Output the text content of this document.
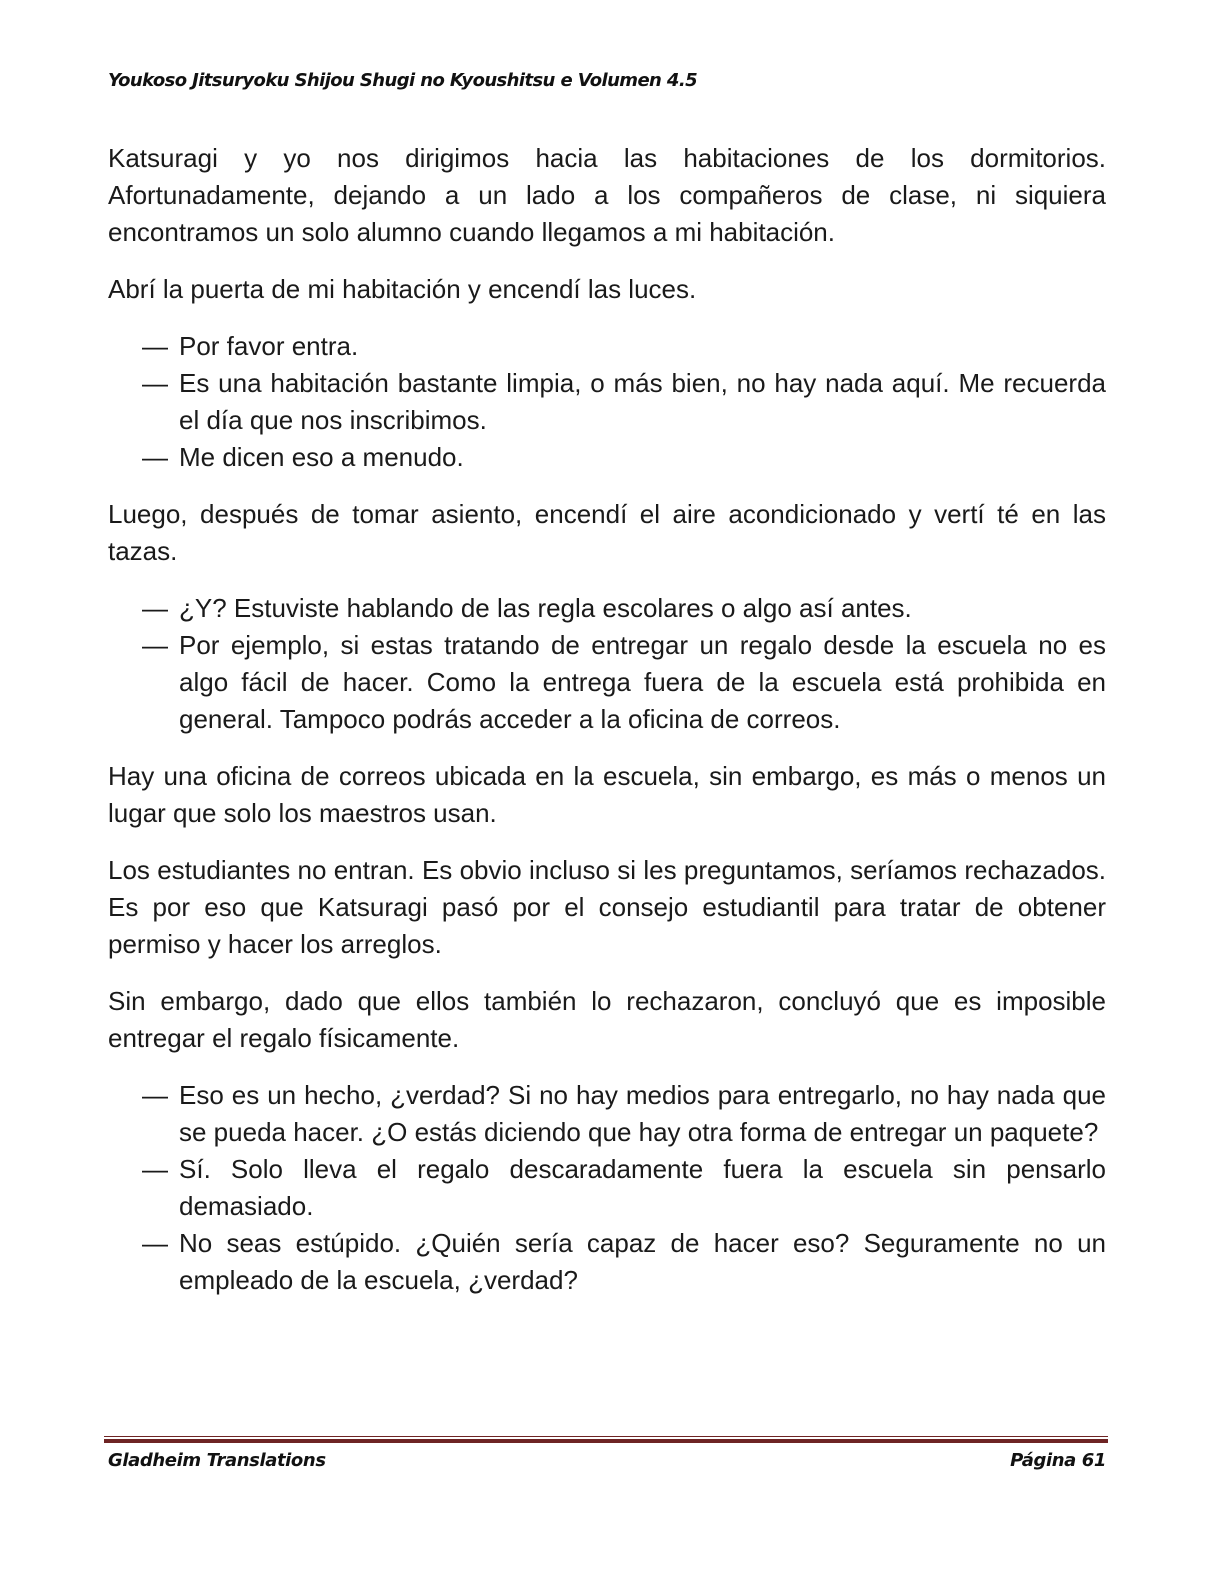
Youkoso Jitsuryoku Shijou Shugi no Kyoushitsu e Volumen 4.5

Katsuragi y yo nos dirigimos hacia las habitaciones de los dormitorios. Afortunadamente, dejando a un lado a los compañeros de clase, ni siquiera encontramos un solo alumno cuando llegamos a mi habitación.

Abrí la puerta de mi habitación y encendí las luces.

— Por favor entra.
— Es una habitación bastante limpia, o más bien, no hay nada aquí. Me recuerda el día que nos inscribimos.
— Me dicen eso a menudo.

Luego, después de tomar asiento, encendí el aire acondicionado y vertí té en las tazas.

— ¿Y? Estuviste hablando de las regla escolares o algo así antes.
— Por ejemplo, si estas tratando de entregar un regalo desde la escuela no es algo fácil de hacer. Como la entrega fuera de la escuela está prohibida en general. Tampoco podrás acceder a la oficina de correos.

Hay una oficina de correos ubicada en la escuela, sin embargo, es más o menos un lugar que solo los maestros usan.

Los estudiantes no entran. Es obvio incluso si les preguntamos, seríamos rechazados. Es por eso que Katsuragi pasó por el consejo estudiantil para tratar de obtener permiso y hacer los arreglos.

Sin embargo, dado que ellos también lo rechazaron, concluyó que es imposible entregar el regalo físicamente.

— Eso es un hecho, ¿verdad? Si no hay medios para entregarlo, no hay nada que se pueda hacer. ¿O estás diciendo que hay otra forma de entregar un paquete?
— Sí. Solo lleva el regalo descaradamente fuera la escuela sin pensarlo demasiado.
— No seas estúpido. ¿Quién sería capaz de hacer eso? Seguramente no un empleado de la escuela, ¿verdad?
Gladheim Translations	Página 61
